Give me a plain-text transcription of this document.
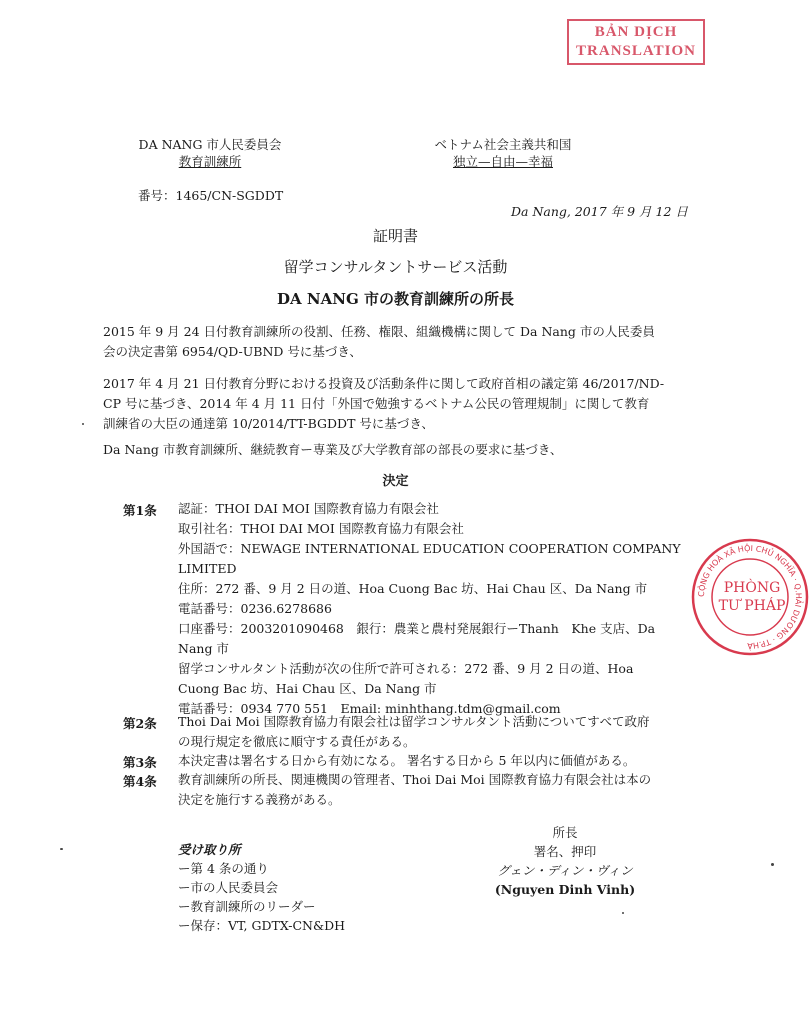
BẢN DỊCH
TRANSLATION
DA NANG 市人民委員会
教育訓練所
ベトナム社会主義共和国
独立—自由—幸福
番号：1465/CN-SGDDT
Da Nang, 2017 年 9 月 12 日
証明書
留学コンサルタントサービス活動
DA NANG 市の教育訓練所の所長
2015 年 9 月 24 日付教育訓練所の役割、任務、権限、組織機構に関して Da Nang 市の人民委員
会の決定書第 6954/QD-UBND 号に基づき、
2017 年 4 月 21 日付教育分野における投資及び活動条件に関して政府首相の議定第 46/2017/ND-
CP 号に基づき、2014 年 4 月 11 日付「外国で勉強するベトナム公民の管理規制」に関して教育
訓練省の大臣の通達第 10/2014/TT-BGDDT 号に基づき、
Da Nang 市教育訓練所、継続教育ー専業及び大学教育部の部長の要求に基づき、
決定
第1条 認証：THOI DAI MOI 国際教育協力有限会社
取引社名：THOI DAI MOI 国際教育協力有限会社
外国語で：NEWAGE INTERNATIONAL EDUCATION COOPERATION COMPANY
LIMITED
住所：272 番、9 月 2 日の道、Hoa Cuong Bac 坊、Hai Chau 区、Da Nang 市
電話番号：0236.6278686
口座番号：2003201090468　銀行：農業と農村発展銀行ーThanh　Khe 支店、Da
Nang 市
留学コンサルタント活動が次の住所で許可される：272 番、9 月 2 日の道、Hoa
Cuong Bac 坊、Hai Chau 区、Da Nang 市
電話番号：0934 770 551　Email: minhthang.tdm@gmail.com
第2条 Thoi Dai Moi 国際教育協力有限会社は留学コンサルタント活動についてすべて政府
の現行規定を徹底に順守する責任がある。
第3条 本決定書は署名する日から有効になる。 署名する日から 5 年以内に価値がある。
第4条 教育訓練所の所長、関連機関の管理者、Thoi Dai Moi 国際教育協力有限会社は本の
決定を施行する義務がある。
受け取り所
ー第 4 条の通り
ー市の人民委員会
ー教育訓練所のリーダー
ー保存：VT, GDTX-CN&DH
所長
署名、押印
グェン・ディン・ヴィン
(Nguyen Dinh Vinh)
CỘNG HOÀ XÃ HỘI CHỦ NGHĨA · Q.HẢI DƯƠNG · TP.HÀ
PHÒNG
TƯ PHÁP
